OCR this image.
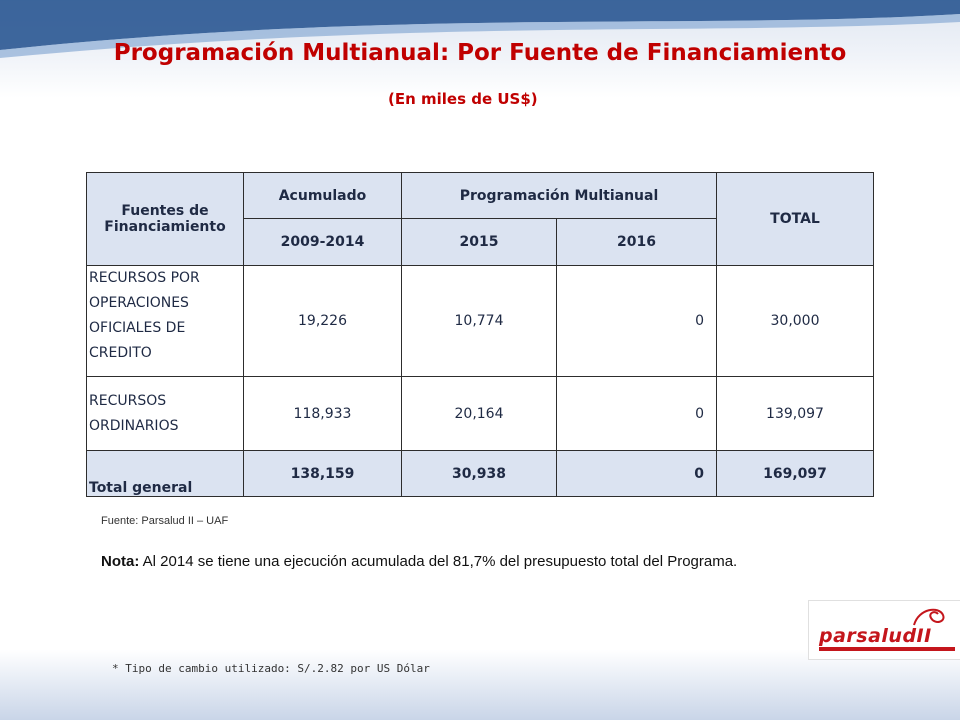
Programación Multianual: Por Fuente de Financiamiento
(En miles de US$)
Fuentes de Financiamiento	Acumulado	Programación Multianual		TOTAL
	2009-2014	2015	2016	
RECURSOS POR OPERACIONES OFICIALES DE CREDITO	19,226	10,774	0	30,000
RECURSOS ORDINARIOS	118,933	20,164	0	139,097
Total general	138,159	30,938	0	169,097
Fuente: Parsalud II – UAF
Nota: Al 2014 se tiene una ejecución acumulada del 81,7% del presupuesto total del Programa.
parsaludII
* Tipo de cambio utilizado: S/.2.82 por US Dólar
